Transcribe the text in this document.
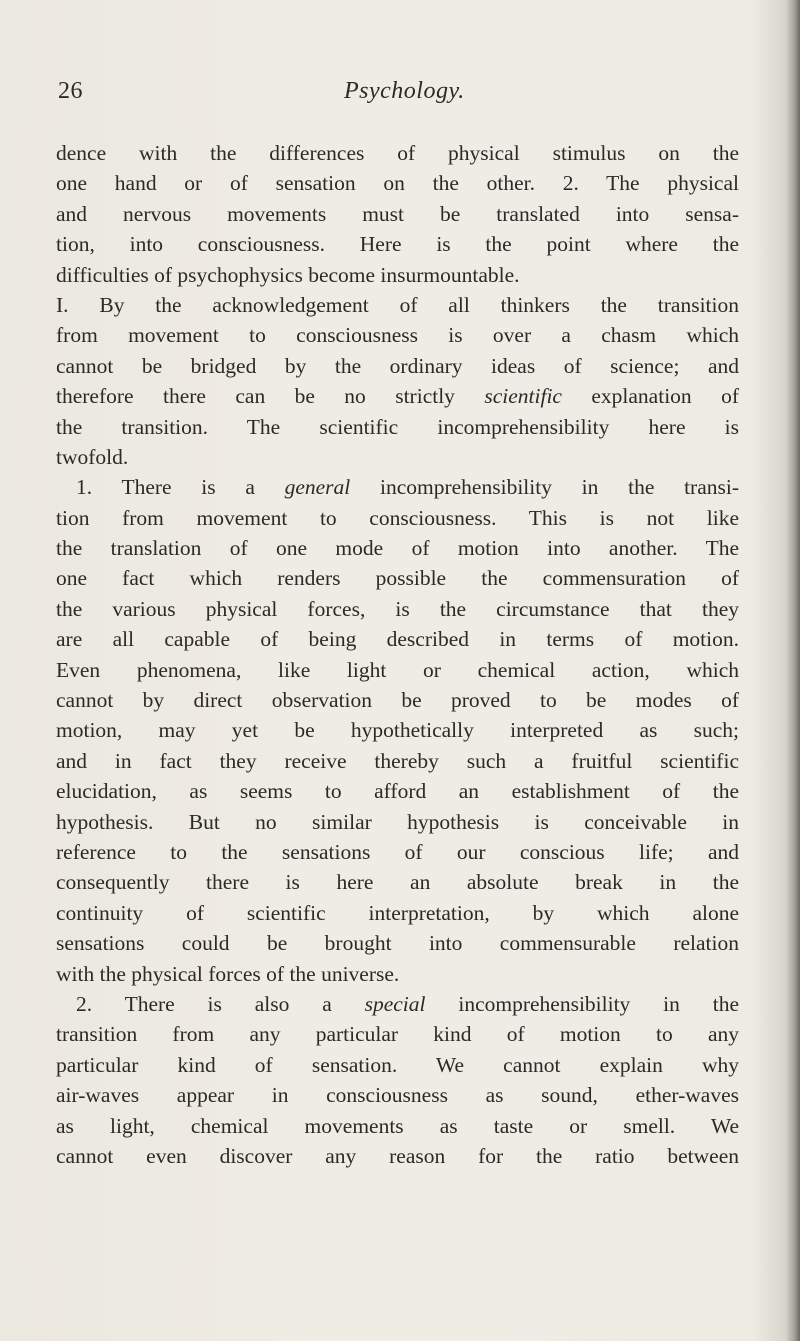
26	Psychology.
dence with the differences of physical stimulus on the
one hand or of sensation on the other. 2. The physical
and nervous movements must be translated into sensa-
tion, into consciousness. Here is the point where the
difficulties of psychophysics become insurmountable.
I. By the acknowledgement of all thinkers the transition
from movement to consciousness is over a chasm which
cannot be bridged by the ordinary ideas of science; and
therefore there can be no strictly scientific explanation of
the transition. The scientific incomprehensibility here is
twofold.
1. There is a general incomprehensibility in the transi-
tion from movement to consciousness. This is not like
the translation of one mode of motion into another. The
one fact which renders possible the commensuration of
the various physical forces, is the circumstance that they
are all capable of being described in terms of motion.
Even phenomena, like light or chemical action, which
cannot by direct observation be proved to be modes of
motion, may yet be hypothetically interpreted as such;
and in fact they receive thereby such a fruitful scientific
elucidation, as seems to afford an establishment of the
hypothesis. But no similar hypothesis is conceivable in
reference to the sensations of our conscious life; and
consequently there is here an absolute break in the
continuity of scientific interpretation, by which alone
sensations could be brought into commensurable relation
with the physical forces of the universe.
2. There is also a special incomprehensibility in the
transition from any particular kind of motion to any
particular kind of sensation. We cannot explain why
air-waves appear in consciousness as sound, ether-waves
as light, chemical movements as taste or smell. We
cannot even discover any reason for the ratio between
